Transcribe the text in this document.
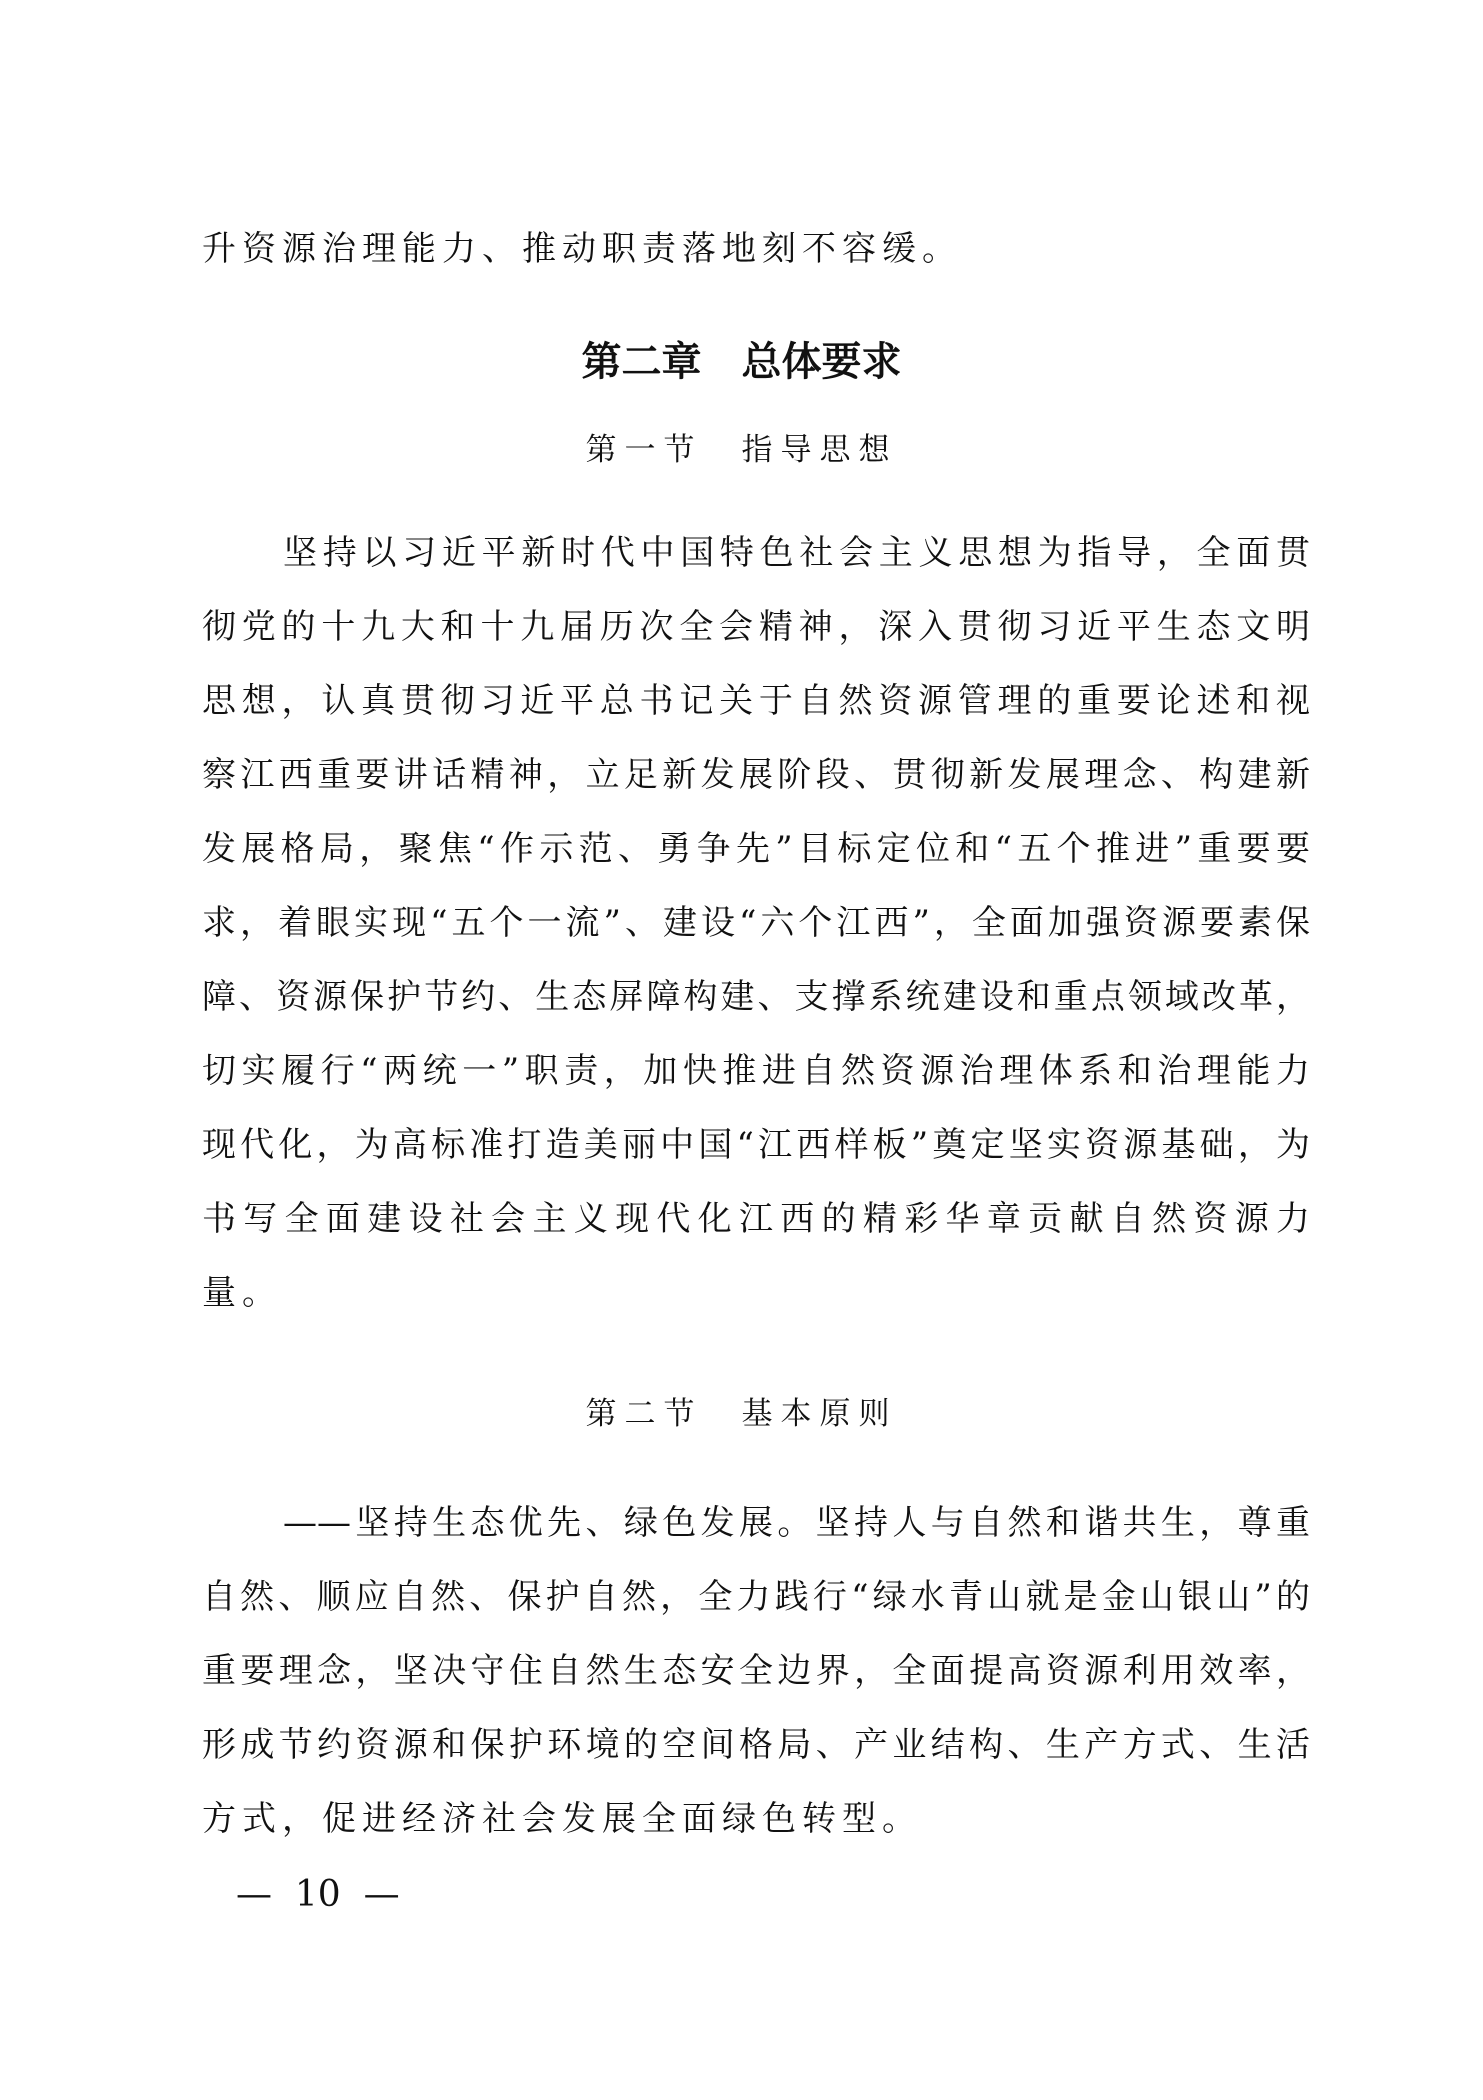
升资源治理能力、推动职责落地刻不容缓。
第二章　总体要求
第一节　指导思想
坚持以习近平新时代中国特色社会主义思想为指导，全面贯
彻党的十九大和十九届历次全会精神，深入贯彻习近平生态文明
思想，认真贯彻习近平总书记关于自然资源管理的重要论述和视
察江西重要讲话精神，立足新发展阶段、贯彻新发展理念、构建新
发展格局，聚焦“作示范、勇争先”目标定位和“五个推进”重要要
求，着眼实现“五个一流”、建设“六个江西”，全面加强资源要素保
障、资源保护节约、生态屏障构建、支撑系统建设和重点领域改革，
切实履行“两统一”职责，加快推进自然资源治理体系和治理能力
现代化，为高标准打造美丽中国“江西样板”奠定坚实资源基础，为
书写全面建设社会主义现代化江西的精彩华章贡献自然资源力
量。
第二节　基本原则
——坚持生态优先、绿色发展。坚持人与自然和谐共生，尊重
自然、顺应自然、保护自然，全力践行“绿水青山就是金山银山”的
重要理念，坚决守住自然生态安全边界，全面提高资源利用效率，
形成节约资源和保护环境的空间格局、产业结构、生产方式、生活
方式，促进经济社会发展全面绿色转型。
—  10  —
